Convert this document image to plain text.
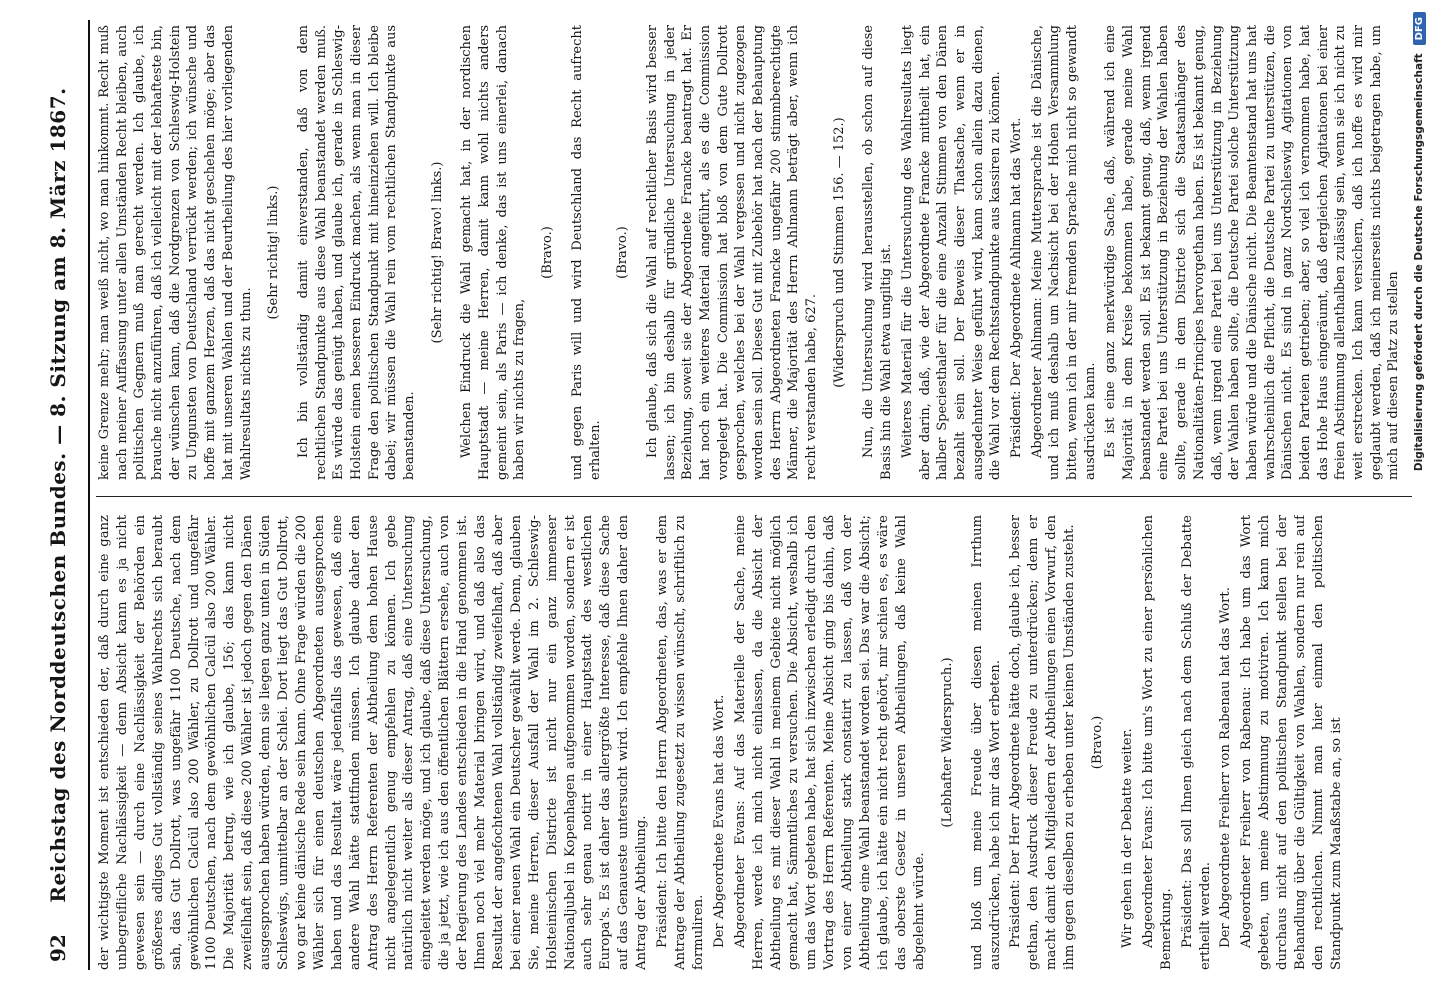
92
Reichstag des Norddeutschen Bundes. — 8. Sitzung am 8. März 1867. der wichtigste Moment ist entschieden der, daß durch eine ganz unbegreifliche Nachlässigkeit — denn Absicht kann es ja nicht gewesen sein — durch eine Nachlässigkeit der Behörden ein größeres adliges Gut vollständig seines Wahlrechts sich beraubt sah, das Gut Dollrott, was ungefähr 1100 Deutsche, nach dem gewöhnlichen Calcül also 200 Wähler, zu Dollrott und ungefähr 1100 Deutschen, nach dem gewöhnlichen Calcül also 200 Wähler. Die Majorität betrug, wie ich glaube, 156; das kann nicht zweifelhaft sein, daß diese 200 Wähler ist jedoch gegen den Dänen ausgesprochen haben würden, denn sie liegen ganz unten in Süden Schleswigs, unmittelbar an der Schlei. Dort liegt das Gut Dollrott, wo gar keine dänische Rede sein kann. Ohne Frage würden die 200 Wähler sich für einen deutschen Abgeordneten ausgesprochen haben und das Resultat wäre jedenfalls das gewesen, daß eine andere Wahl hätte stattfinden müssen. Ich glaube daher den Antrag des Herrn Referenten der Abtheilung dem hohen Hause nicht angelegentlich genug empfehlen zu können. Ich gebe natürlich nicht weiter als dieser Antrag, daß eine Untersuchung eingeleitet werden möge, und ich glaube, daß diese Untersuchung, die ja jetzt, wie ich aus den öffentlichen Blättern ersehe, auch von der Regierung des Landes entschieden in die Hand genommen ist. Ihnen noch viel mehr Material bringen wird, und daß also das Resultat der angefochtenen Wahl vollständig zweifelhaft, daß aber bei einer neuen Wahl ein Deutscher gewählt werde. Denn, glauben Sie, meine Herren, dieser Ausfall der Wahl im 2. Schleswig-Holsteinischen Districte ist nicht nur ein ganz immenser Nationaljubel in Kopenhagen aufgenommen worden, sondern er ist auch sehr genau notirt in einer Hauptstadt des westlichen Europa's. Es ist daher das allergrößte Interesse, daß diese Sache auf das Genaueste untersucht wird. Ich empfehle Ihnen daher den Antrag der Abtheilung. Präsident: Ich bitte den Herrn Abgeordneten, das, was er dem Antrage der Abtheilung zugesetzt zu wissen wünscht, schriftlich zu formuliren. Der Abgeordnete Evans hat das Wort. Abgeordneter Evans: Auf das Materielle der Sache, meine Herren, werde ich mich nicht einlassen, da die Absicht der Abtheilung es mit dieser Wahl in meinem Gebiete nicht möglich gemacht hat, Sämmtliches zu versuchen. Die Absicht, weshalb ich um das Wort gebeten habe, hat sich inzwischen erledigt durch den Vortrag des Herrn Referenten. Meine Absicht ging bis dahin, daß von einer Abtheilung stark constatirt zu lassen, daß von der Abtheilung eine Wahl beanstandet worden sei. Das war die Absicht; ich glaube, ich hätte ein nicht recht gehört, mir schien es, es wäre das oberste Gesetz in unseren Abtheilungen, daß keine Wahl abgelehnt würde.

(Lebhafter Widerspruch.) und bloß um meine Freude über diesen meinen Irrthum auszudrücken, habe ich mir das Wort erbeten. Präsident: Der Herr Abgeordnete hätte doch, glaube ich, besser gethan, den Ausdruck dieser Freude zu unterdrücken; denn er macht damit den Mitgliedern der Abtheilungen einen Vorwurf, den ihm gegen dieselben zu erheben unter keinen Umständen zusteht. (Bravo.) Wir gehen in der Debatte weiter. Abgeordneter Evans: Ich bitte um's Wort zu einer persönlichen Bemerkung. Präsident: Das soll Ihnen gleich nach dem Schluß der Debatte ertheilt werden. Der Abgeordnete Freiherr von Rabenau hat das Wort. Abgeordneter Freiherr von Rabenau: Ich habe um das Wort gebeten, um meine Abstimmung zu motiviren. Ich kann mich durchaus nicht auf den politischen Standpunkt stellen bei der Behandlung über die Gültigkeit von Wahlen, sondern nur rein auf den rechtlichen. Nimmt man hier einmal den politischen Standpunkt zum Maaßstabe an, so ist

keine Grenze mehr; man weiß nicht, wo man hinkommt. Recht muß nach meiner Auffassung unter allen Umständen Recht bleiben, auch politischen Gegnern muß man gerecht werden. Ich glaube, ich brauche nicht anzuführen, daß ich vielleicht mit der lebhafteste bin, der wünschen kann, daß die Nordgrenzen von Schleswig-Holstein zu Ungunsten von Deutschland verrückt werden; ich wünsche und hoffe mit ganzem Herzen, daß das nicht geschehen möge; aber das hat mit unseren Wahlen und der Beurtheilung des hier vorliegenden Wahlresultats nichts zu thun.

(Sehr richtig! links.) Ich bin vollständig damit einverstanden, daß von dem rechtlichen Standpunkte aus diese Wahl beanstandet werden muß. Es würde das genügt haben, und glaube ich, gerade in Schleswig-Holstein einen besseren Eindruck machen, als wenn man in dieser Frage den politischen Standpunkt mit hineinziehen will. Ich bleibe dabei; wir müssen die Wahl rein vom rechtlichen Standpunkte aus beanstanden.

(Sehr richtig! Bravo! links.) Welchen Eindruck die Wahl gemacht hat, in der nordischen Hauptstadt — meine Herren, damit kann wohl nichts anders gemeint sein, als Paris — ich denke, das ist uns einerlei, danach haben wir nichts zu fragen,

(Bravo.) und gegen Paris will und wird Deutschland das Recht aufrecht erhalten.

(Bravo.) Ich glaube, daß sich die Wahl auf rechtlicher Basis wird besser lassen; ich bin deshalb für gründliche Untersuchung in jeder Beziehung, soweit sie der Abgeordnete Francke beantragt hat. Er hat noch ein weiteres Material angeführt, als es die Commission vorgelegt hat. Die Commission hat bloß von dem Gute Dollrott gesprochen, welches bei der Wahl vergessen und nicht zugezogen worden sein soll. Dieses Gut mit Zubehör hat nach der Behauptung des Herrn Abgeordneten Francke ungefähr 200 stimmberechtigte Männer, die Majorität des Herrn Ahlmann beträgt aber, wenn ich recht verstanden habe, 627. (Widerspruch und Stimmen 156. — 152.) Nun, die Untersuchung wird herausstellen, ob schon auf diese Basis hin die Wahl etwa ungiltig ist. Weiteres Material für die Untersuchung des Wahlresultats liegt aber darin, daß, wie der Abgeordnete Francke mittheilt hat, ein halber Speciesthaler für die eine Anzahl Stimmen von den Dänen bezahlt sein soll. Der Beweis dieser Thatsache, wenn er in ausgedehnter Weise geführt wird, kann schon allein dazu dienen, die Wahl vor dem Rechtsstandpunkte aus kassiren zu können. Präsident: Der Abgeordnete Ahlmann hat das Wort. Abgeordneter Ahlmann: Meine Muttersprache ist die Dänische, und ich muß deshalb um Nachsicht bei der Hohen Versammlung bitten, wenn ich in der mir fremden Sprache mich nicht so gewandt ausdrücken kann. Es ist eine ganz merkwürdige Sache, daß, während ich eine Majorität in dem Kreise bekommen habe, gerade meine Wahl beanstandet werden soll. Es ist bekannt genug, daß, wenn irgend eine Partei bei uns Unterstützung in Beziehung der Wahlen haben sollte, gerade in dem Districte sich die Staatsanhänger des Nationalitäten-Principes hervorgethan haben. Es ist bekannt genug, daß, wenn irgend eine Partei bei uns Unterstützung in Beziehung der Wahlen haben sollte, die Deutsche Partei solche Unterstützung haben würde und die Dänische nicht. Die Beamtenstand hat uns hat wahrscheinlich die Pflicht, die Deutsche Partei zu unterstützen, die Dänischen nicht. Es sind in ganz Nordschleswig Agitationen von beiden Parteien getrieben; aber, so viel ich vernommen habe, hat das Hohe Haus eingeräumt, daß dergleichen Agitationen bei einer freien Abstimmung allenthalben zulässig sein, wenn sie ich nicht zu weit erstrecken. Ich kann versichern, daß ich hoffe es wird mir geglaubt werden, daß ich meinerseits nichts beigetragen habe, um mich auf diesen Platz zu stellen Digitalisierung gefördert durch die Deutsche Forschungsgemeinschaft
DFG
